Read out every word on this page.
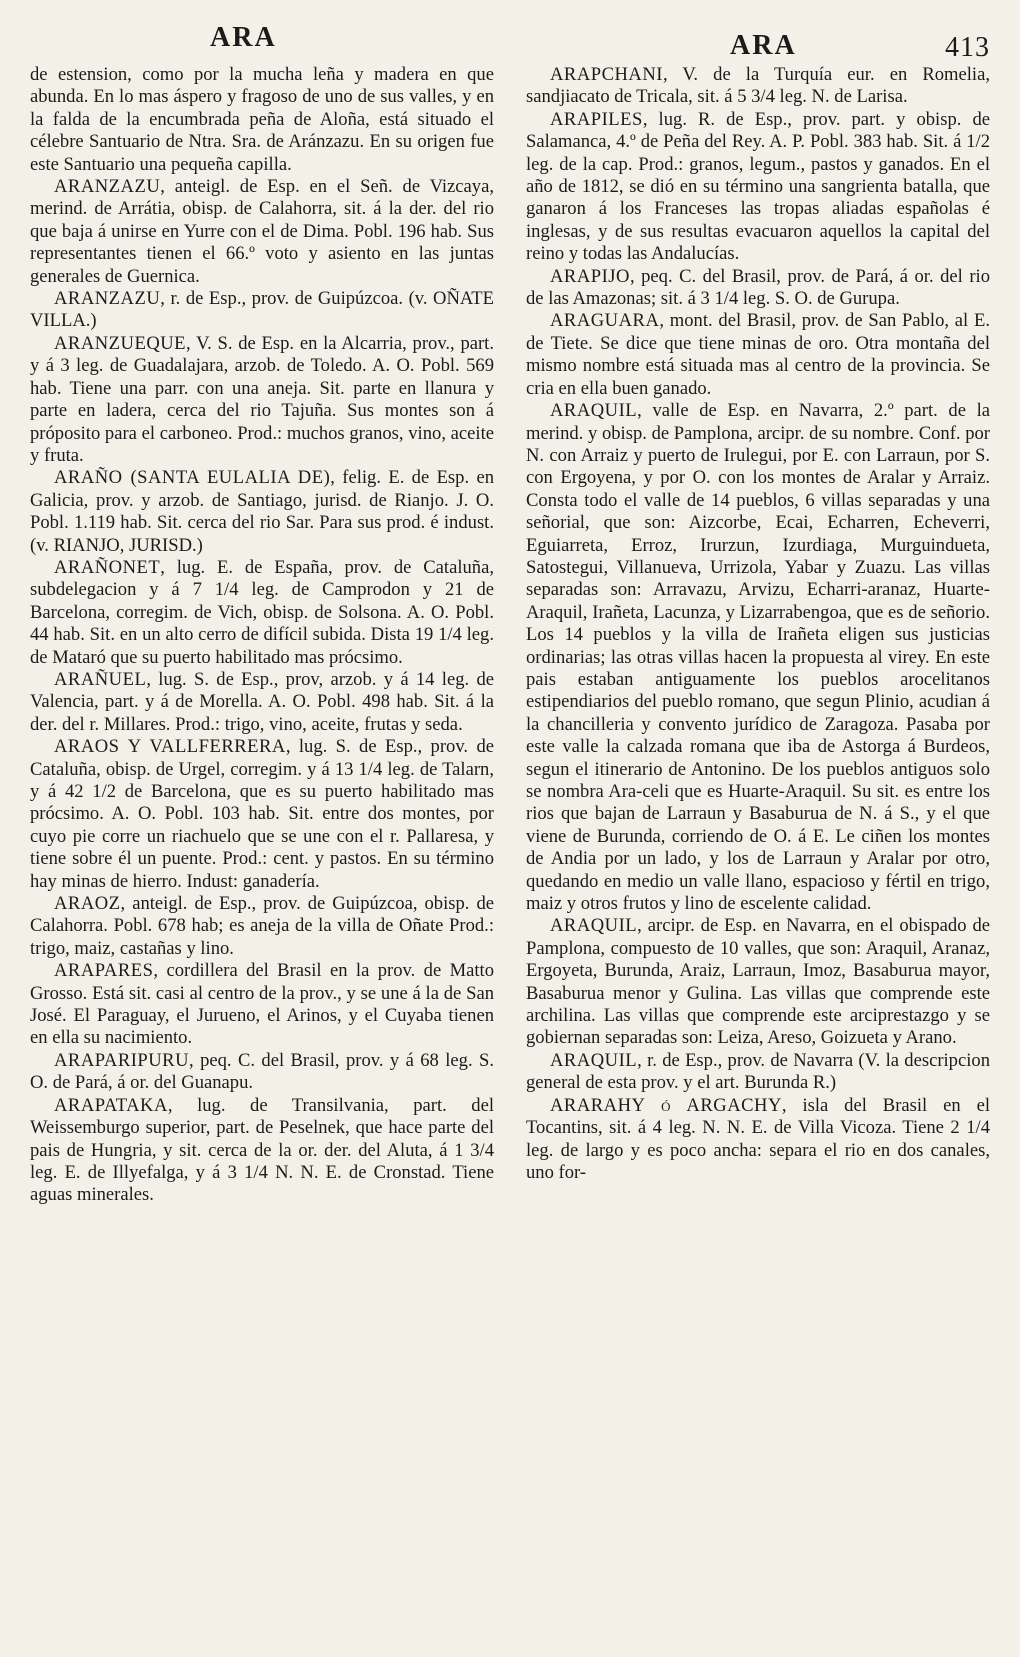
ARA	ARA	413

de estension, como por la mucha leña y madera en que abunda. En lo mas áspero y fragoso de uno de sus valles, y en la falda de la encumbrada peña de Aloña, está situado el célebre Santuario de Ntra. Sra. de Aránzazu. En su origen fue este Santuario una pequeña capilla.

ARANZAZU, anteigl. de Esp. en el Señ. de Vizcaya, merind. de Arrátia, obisp. de Calahorra, sit. á la der. del rio que baja á unirse en Yurre con el de Dima. Pobl. 196 hab. Sus representantes tienen el 66.º voto y asiento en las juntas generales de Guernica.

ARANZAZU, r. de Esp., prov. de Guipúzcoa. (v. OÑATE VILLA.)

ARANZUEQUE, V. S. de Esp. en la Alcarria, prov., part. y á 3 leg. de Guadalajara, arzob. de Toledo. A. O. Pobl. 569 hab. Tiene una parr. con una aneja. Sit. parte en llanura y parte en ladera, cerca del rio Tajuña. Sus montes son á próposito para el carboneo. Prod.: muchos granos, vino, aceite y fruta.

ARAÑO (SANTA EULALIA DE), felig. E. de Esp. en Galicia, prov. y arzob. de Santiago, jurisd. de Rianjo. J. O. Pobl. 1.119 hab. Sit. cerca del rio Sar. Para sus prod. é indust. (v. RIANJO, JURISD.)

ARAÑONET, lug. E. de España, prov. de Cataluña, subdelegacion y á 7 1/4 leg. de Camprodon y 21 de Barcelona, corregim. de Vich, obisp. de Solsona. A. O. Pobl. 44 hab. Sit. en un alto cerro de difícil subida. Dista 19 1/4 leg. de Mataró que su puerto habilitado mas prócsimo.

ARAÑUEL, lug. S. de Esp., prov, arzob. y á 14 leg. de Valencia, part. y á de Morella. A. O. Pobl. 498 hab. Sit. á la der. del r. Millares. Prod.: trigo, vino, aceite, frutas y seda.

ARAOS Y VALLFERRERA, lug. S. de Esp., prov. de Cataluña, obisp. de Urgel, corregim. y á 13 1/4 leg. de Talarn, y á 42 1/2 de Barcelona, que es su puerto habilitado mas prócsimo. A. O. Pobl. 103 hab. Sit. entre dos montes, por cuyo pie corre un riachuelo que se une con el r. Pallaresa, y tiene sobre él un puente. Prod.: cent. y pastos. En su término hay minas de hierro. Indust: ganadería.

ARAOZ, anteigl. de Esp., prov. de Guipúzcoa, obisp. de Calahorra. Pobl. 678 hab; es aneja de la villa de Oñate Prod.: trigo, maiz, castañas y lino.

ARAPARES, cordillera del Brasil en la prov. de Matto Grosso. Está sit. casi al centro de la prov., y se une á la de San José. El Paraguay, el Jurueno, el Arinos, y el Cuyaba tienen en ella su nacimiento.

ARAPARIPURU, peq. C. del Brasil, prov. y á 68 leg. S. O. de Pará, á or. del Guanapu.

ARAPATAKA, lug. de Transilvania, part. del Weissemburgo superior, part. de Peselnek, que hace parte del pais de Hungria, y sit. cerca de la or. der. del Aluta, á 1 3/4 leg. E. de Illyefalga, y á 3 1/4 N. N. E. de Cronstad. Tiene aguas minerales.

ARAPCHANI, V. de la Turquía eur. en Romelia, sandjiacato de Tricala, sit. á 5 3/4 leg. N. de Larisa.

ARAPILES, lug. R. de Esp., prov. part. y obisp. de Salamanca, 4.º de Peña del Rey. A. P. Pobl. 383 hab. Sit. á 1/2 leg. de la cap. Prod.: granos, legum., pastos y ganados. En el año de 1812, se dió en su término una sangrienta batalla, que ganaron á los Franceses las tropas aliadas españolas é inglesas, y de sus resultas evacuaron aquellos la capital del reino y todas las Andalucías.

ARAPIJO, peq. C. del Brasil, prov. de Pará, á or. del rio de las Amazonas; sit. á 3 1/4 leg. S. O. de Gurupa.

ARAGUARA, mont. del Brasil, prov. de San Pablo, al E. de Tiete. Se dice que tiene minas de oro. Otra montaña del mismo nombre está situada mas al centro de la provincia. Se cria en ella buen ganado.

ARAQUIL, valle de Esp. en Navarra, 2.º part. de la merind. y obisp. de Pamplona, arcipr. de su nombre. Conf. por N. con Arraiz y puerto de Irulegui, por E. con Larraun, por S. con Ergoyena, y por O. con los montes de Aralar y Arraiz. Consta todo el valle de 14 pueblos, 6 villas separadas y una señorial, que son: Aizcorbe, Ecai, Echarren, Echeverri, Eguiarreta, Erroz, Irurzun, Izurdiaga, Murguindueta, Satostegui, Villanueva, Urrizola, Yabar y Zuazu. Las villas separadas son: Arravazu, Arvizu, Echarri-aranaz, Huarte-Araquil, Irañeta, Lacunza, y Lizarrabengoa, que es de señorio. Los 14 pueblos y la villa de Irañeta eligen sus justicias ordinarias; las otras villas hacen la propuesta al virey. En este pais estaban antiguamente los pueblos arocelitanos estipendiarios del pueblo romano, que segun Plinio, acudian á la chancilleria y convento jurídico de Zaragoza. Pasaba por este valle la calzada romana que iba de Astorga á Burdeos, segun el itinerario de Antonino. De los pueblos antiguos solo se nombra Ara-celi que es Huarte-Araquil. Su sit. es entre los rios que bajan de Larraun y Basaburua de N. á S., y el que viene de Burunda, corriendo de O. á E. Le ciñen los montes de Andia por un lado, y los de Larraun y Aralar por otro, quedando en medio un valle llano, espacioso y fértil en trigo, maiz y otros frutos y lino de escelente calidad.

ARAQUIL, arcipr. de Esp. en Navarra, en el obispado de Pamplona, compuesto de 10 valles, que son: Araquil, Aranaz, Ergoyeta, Burunda, Araiz, Larraun, Imoz, Basaburua mayor, Basaburua menor y Gulina. Las villas que comprende este archilina. Las villas que comprende este arciprestazgo y se gobiernan separadas son: Leiza, Areso, Goizueta y Arano.

ARAQUIL, r. de Esp., prov. de Navarra (V. la descripcion general de esta prov. y el art. Burunda R.)

ARARAHY ó ARGACHY, isla del Brasil en el Tocantins, sit. á 4 leg. N. N. E. de Villa Vicoza. Tiene 2 1/4 leg. de largo y es poco ancha: separa el rio en dos canales, uno for-
